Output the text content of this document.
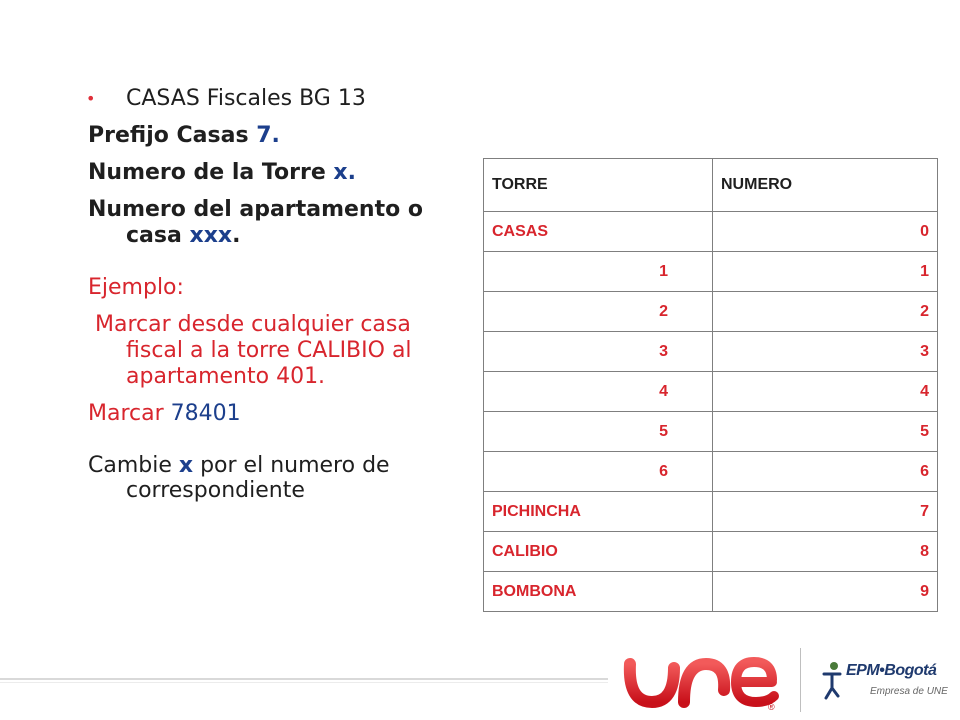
•	CASAS Fiscales BG 13

Prefijo Casas 7.

Numero de la Torre x.

Numero del apartamento o casa xxx.

Ejemplo:

Marcar desde cualquier casa fiscal a la torre CALIBIO al apartamento 401.

Marcar 78401

Cambie x por el numero de correspondiente

TORRE	NUMERO
CASAS	0
1	1
2	2
3	3
4	4
5	5
6	6
PICHINCHA	7
CALIBIO	8
BOMBONA	9
®
EPM•Bogotá
Empresa de UNE
